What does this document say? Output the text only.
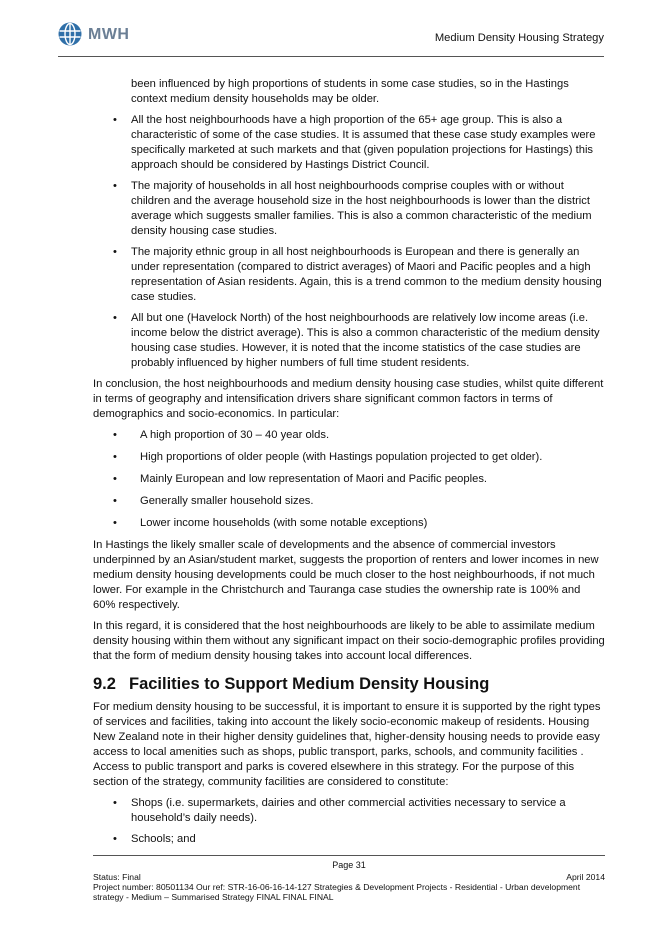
MWH	Medium Density Housing Strategy

been influenced by high proportions of students in some case studies, so in the Hastings context medium density households may be older.

• All the host neighbourhoods have a high proportion of the 65+ age group. This is also a characteristic of some of the case studies. It is assumed that these case study examples were specifically marketed at such markets and that (given population projections for Hastings) this approach should be considered by Hastings District Council.
• The majority of households in all host neighbourhoods comprise couples with or without children and the average household size in the host neighbourhoods is lower than the district average which suggests smaller families. This is also a common characteristic of the medium density housing case studies.
• The majority ethnic group in all host neighbourhoods is European and there is generally an under representation (compared to district averages) of Maori and Pacific peoples and a high representation of Asian residents. Again, this is a trend common to the medium density housing case studies.
• All but one (Havelock North) of the host neighbourhoods are relatively low income areas (i.e. income below the district average). This is also a common characteristic of the medium density housing case studies. However, it is noted that the income statistics of the case studies are probably influenced by higher numbers of full time student residents.

In conclusion, the host neighbourhoods and medium density housing case studies, whilst quite different in terms of geography and intensification drivers share significant common factors in terms of demographics and socio-economics. In particular:

• A high proportion of 30 – 40 year olds.
• High proportions of older people (with Hastings population projected to get older).
• Mainly European and low representation of Maori and Pacific peoples.
• Generally smaller household sizes.
• Lower income households (with some notable exceptions)

In Hastings the likely smaller scale of developments and the absence of commercial investors underpinned by an Asian/student market, suggests the proportion of renters and lower incomes in new medium density housing developments could be much closer to the host neighbourhoods, if not much lower. For example in the Christchurch and Tauranga case studies the ownership rate is 100% and 60% respectively.

In this regard, it is considered that the host neighbourhoods are likely to be able to assimilate medium density housing within them without any significant impact on their socio-demographic profiles providing that the form of medium density housing takes into account local differences.

9.2 Facilities to Support Medium Density Housing

For medium density housing to be successful, it is important to ensure it is supported by the right types of services and facilities, taking into account the likely socio-economic makeup of residents. Housing New Zealand note in their higher density guidelines that, higher-density housing needs to provide easy access to local amenities such as shops, public transport, parks, schools, and community facilities . Access to public transport and parks is covered elsewhere in this strategy. For the purpose of this section of the strategy, community facilities are considered to constitute:

• Shops (i.e. supermarkets, dairies and other commercial activities necessary to service a household’s daily needs).
• Schools; and
Page 31
Status: Final	April 2014
Project number: 80501134 Our ref: STR-16-06-16-14-127 Strategies & Development Projects - Residential - Urban development strategy - Medium – Summarised Strategy FINAL FINAL FINAL
